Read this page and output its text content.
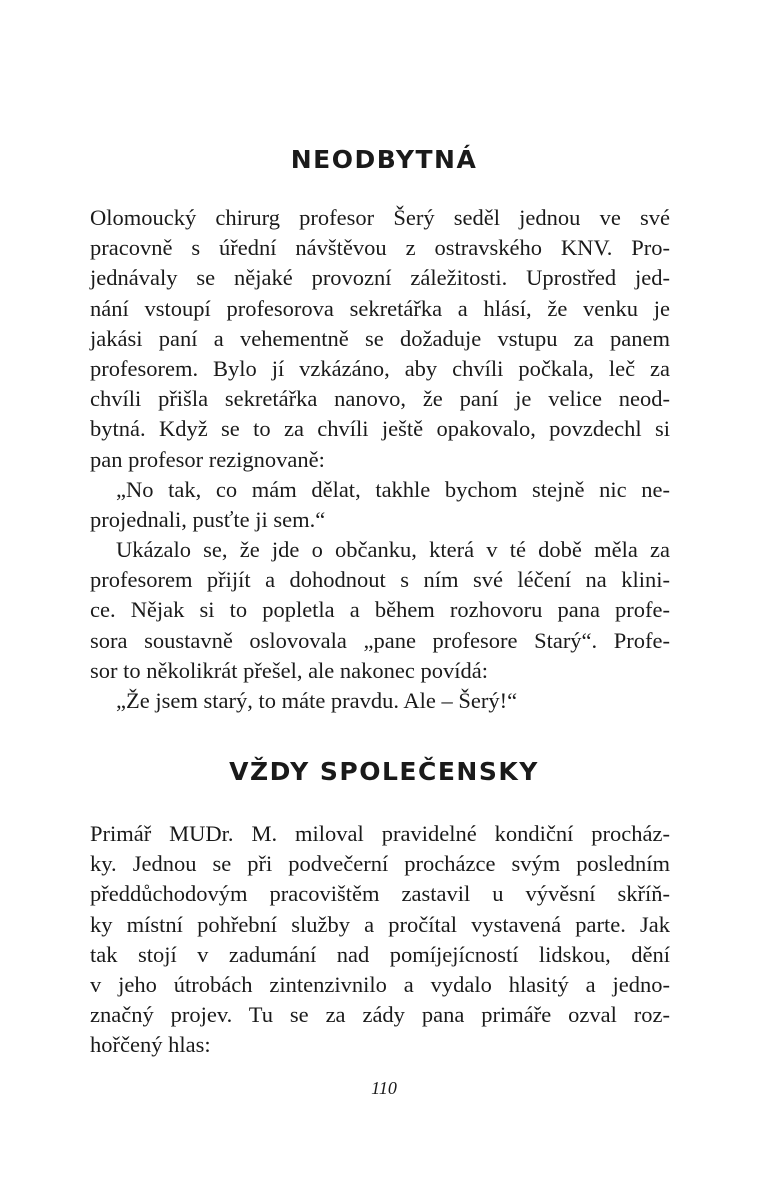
NEODBYTNÁ
Olomoucký chirurg profesor Šerý seděl jednou ve své
pracovně s úřední návštěvou z ostravského KNV. Pro-
jednávaly se nějaké provozní záležitosti. Uprostřed jed-
nání vstoupí profesorova sekretářka a hlásí, že venku je
jakási paní a vehementně se dožaduje vstupu za panem
profesorem. Bylo jí vzkázáno, aby chvíli počkala, leč za
chvíli přišla sekretářka nanovo, že paní je velice neod-
bytná. Když se to za chvíli ještě opakovalo, povzdechl si
pan profesor rezignovaně:
„No tak, co mám dělat, takhle bychom stejně nic ne-
projednali, pusťte ji sem.“
Ukázalo se, že jde o občanku, která v té době měla za
profesorem přijít a dohodnout s ním své léčení na klini-
ce. Nějak si to popletla a během rozhovoru pana profe-
sora soustavně oslovovala „pane profesore Starý“. Profe-
sor to několikrát přešel, ale nakonec povídá:
„Že jsem starý, to máte pravdu. Ale – Šerý!“
VŽDY SPOLEČENSKY
Primář MUDr. M. miloval pravidelné kondiční procház-
ky. Jednou se při podvečerní procházce svým posledním
předdůchodovým pracovištěm zastavil u vývěsní skříň-
ky místní pohřební služby a pročítal vystavená parte. Jak
tak stojí v zadumání nad pomíjejícností lidskou, dění
v jeho útrobách zintenzivnilo a vydalo hlasitý a jedno-
značný projev. Tu se za zády pana primáře ozval roz-
hořčený hlas:
110
